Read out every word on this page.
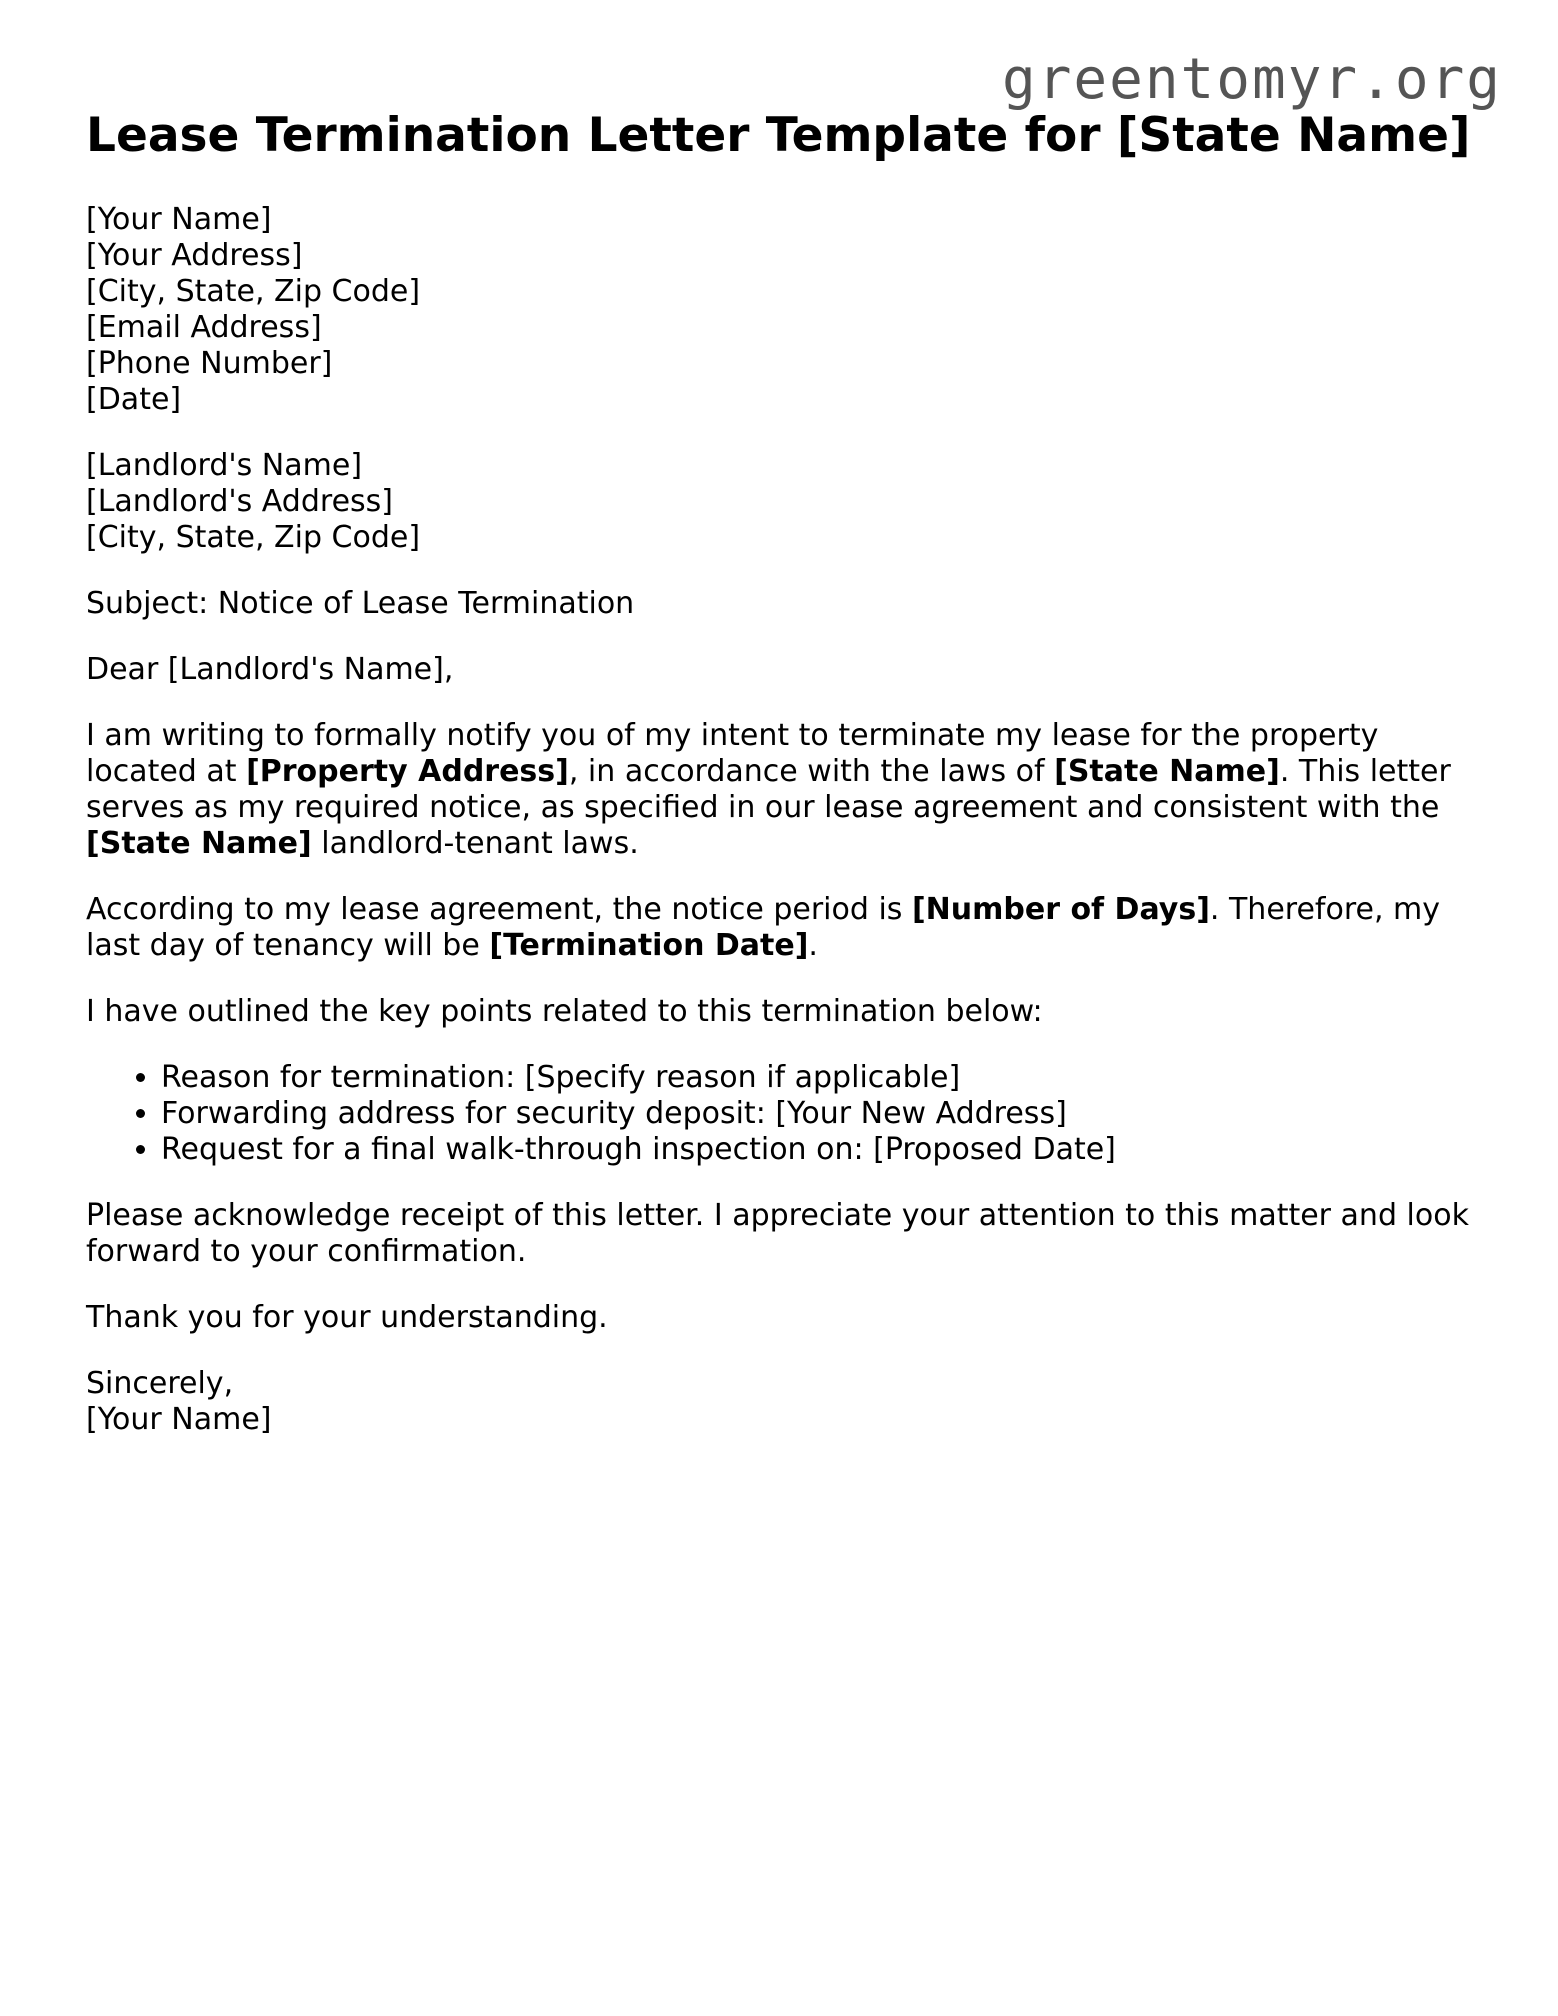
greentomyr.org
Lease Termination Letter Template for [State Name]
[Your Name]
[Your Address]
[City, State, Zip Code]
[Email Address]
[Phone Number]
[Date]
[Landlord's Name]
[Landlord's Address]
[City, State, Zip Code]

Subject: Notice of Lease Termination

Dear [Landlord's Name],

I am writing to formally notify you of my intent to terminate my lease for the property located at [Property Address], in accordance with the laws of [State Name]. This letter serves as my required notice, as specified in our lease agreement and consistent with the [State Name] landlord-tenant laws.

According to my lease agreement, the notice period is [Number of Days]. Therefore, my last day of tenancy will be [Termination Date].

I have outlined the key points related to this termination below:

• Reason for termination: [Specify reason if applicable]
• Forwarding address for security deposit: [Your New Address]
• Request for a final walk-through inspection on: [Proposed Date]

Please acknowledge receipt of this letter. I appreciate your attention to this matter and look forward to your confirmation.

Thank you for your understanding.

Sincerely,
[Your Name]
